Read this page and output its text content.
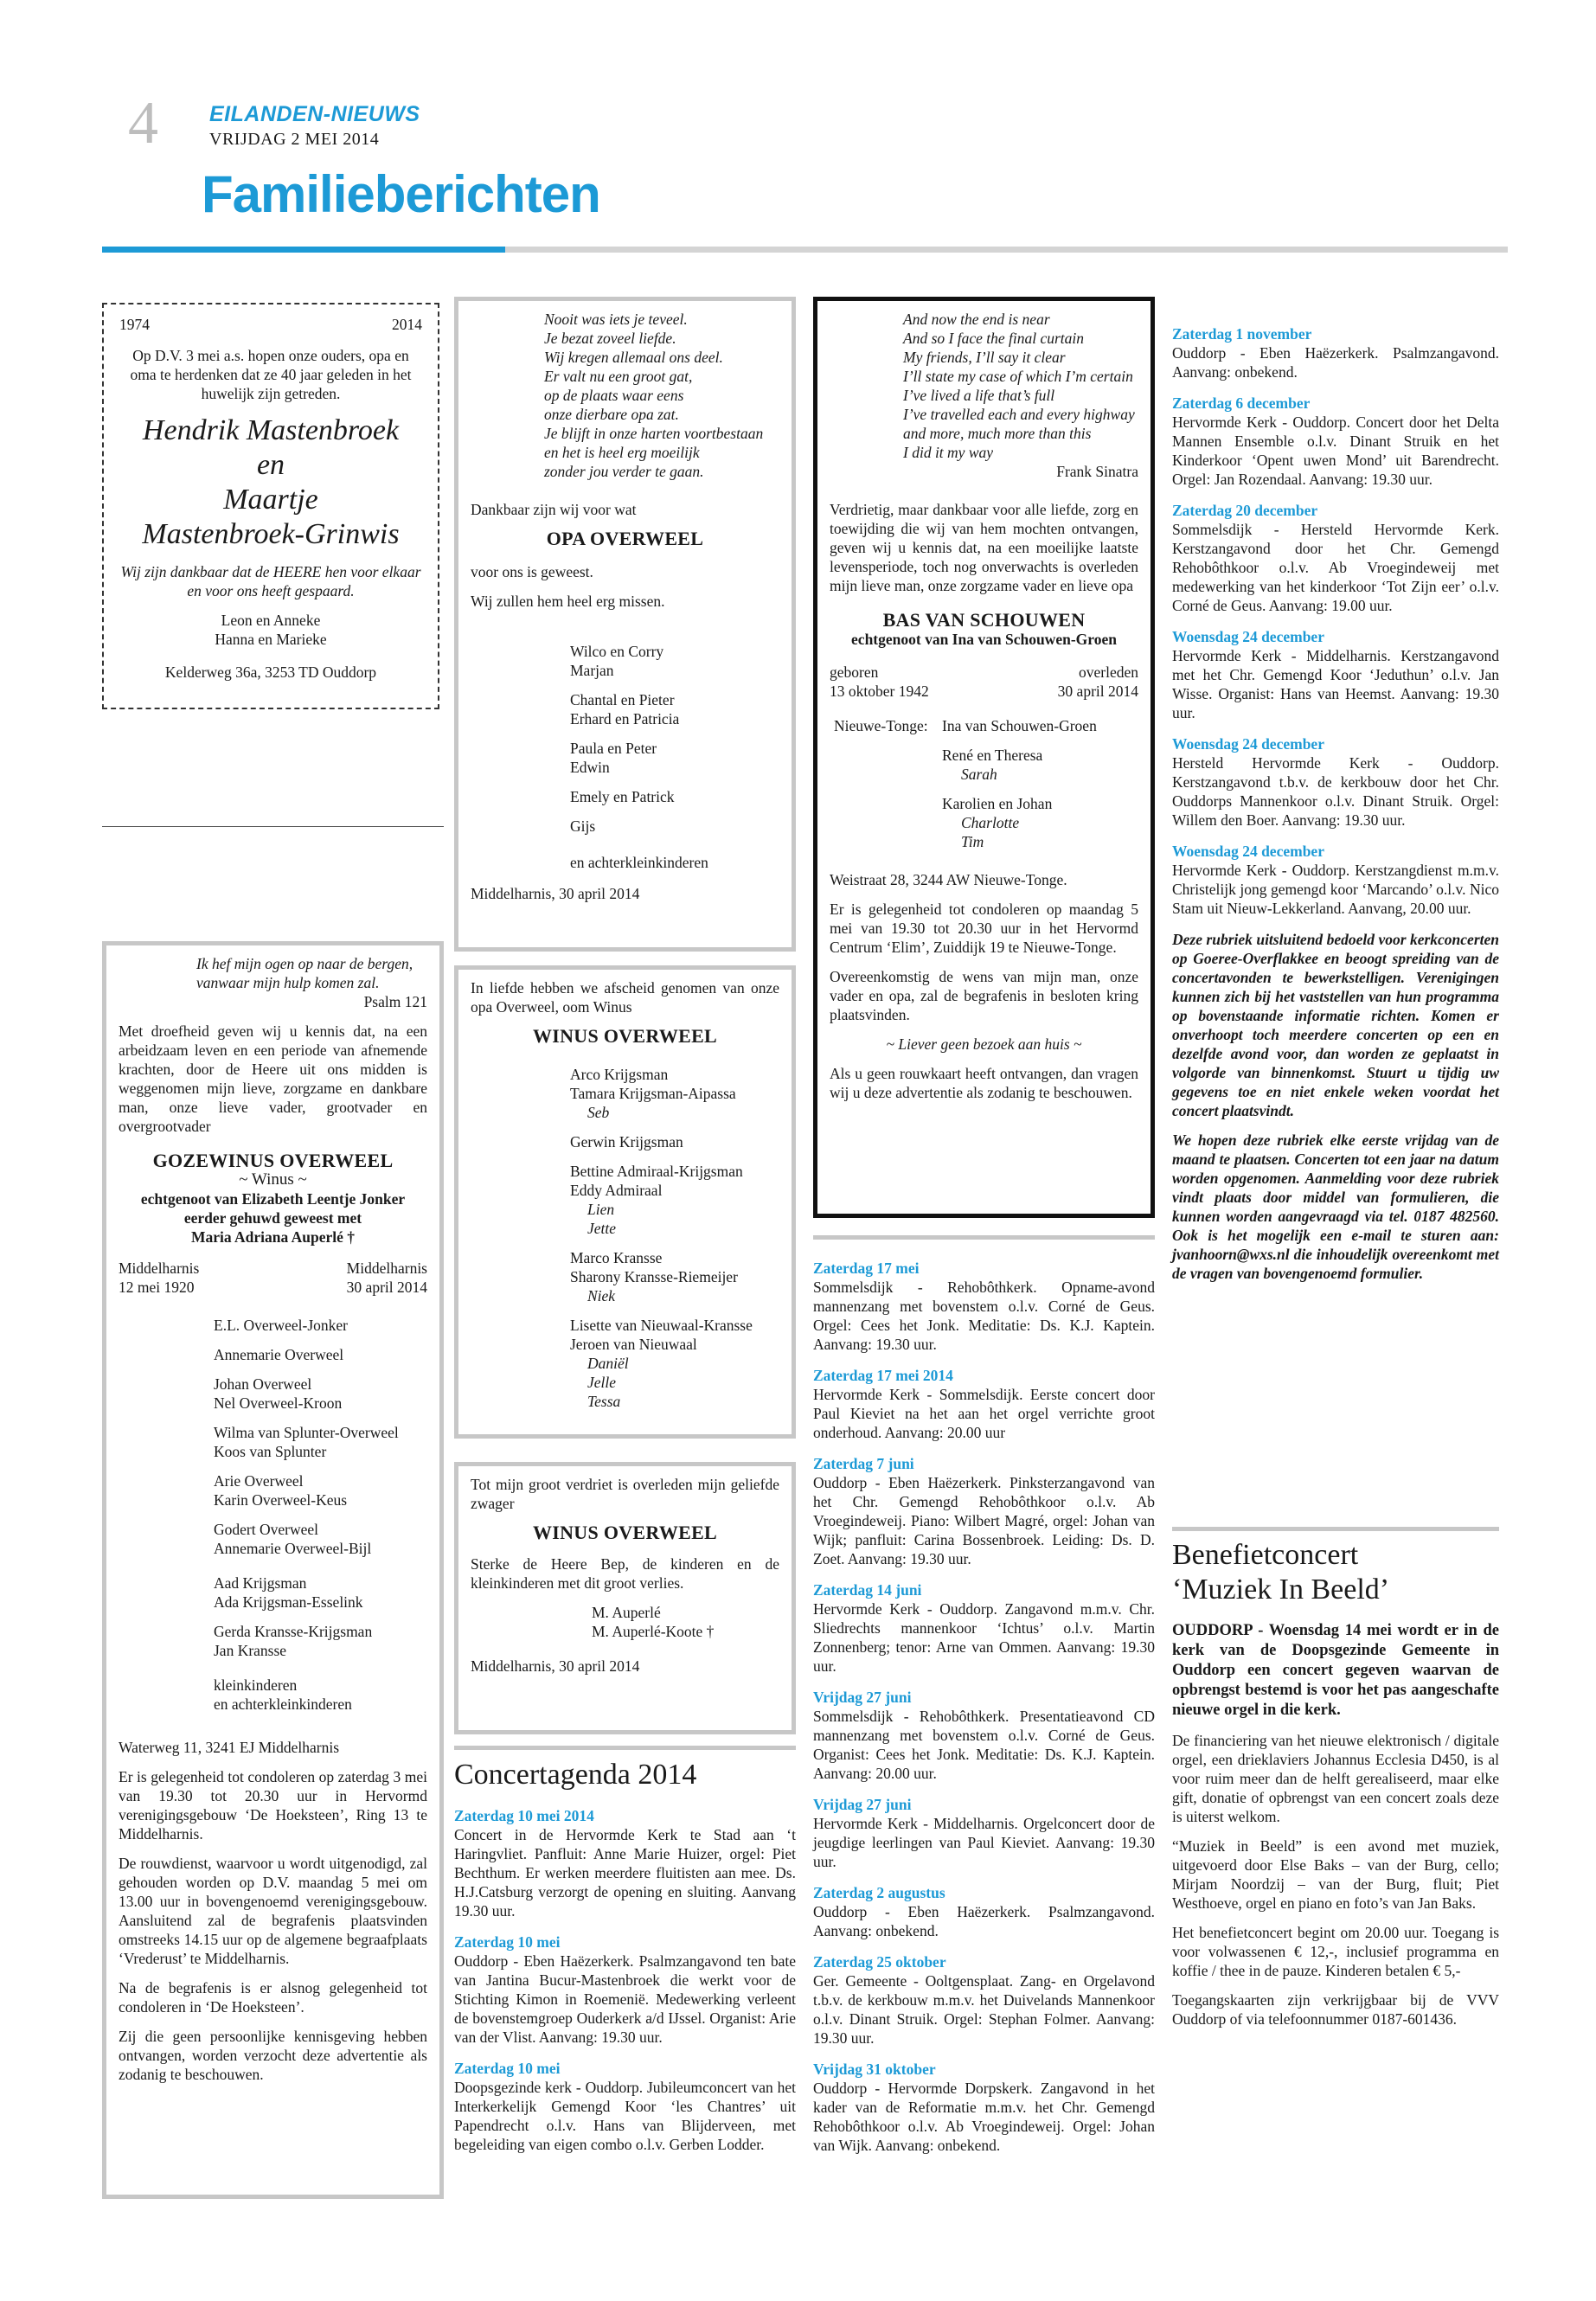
4 EILANDEN-NIEUWS
VRIJDAG 2 MEI 2014
Familieberichten
1974	2014

Op D.V. 3 mei a.s. hopen onze ouders, opa en oma te herdenken dat ze 40 jaar geleden in het huwelijk zijn getreden.

Hendrik Mastenbroek
en
Maartje
Mastenbroek-Grinwis

Wij zijn dankbaar dat de HEERE hen voor elkaar en voor ons heeft gespaard.

Leon en Anneke
Hanna en Marieke
Kelderweg 36a, 3253 TD Ouddorp
Ik hef mijn ogen op naar de bergen,
vanwaar mijn hulp komen zal.

Psalm 121

Met droefheid geven wij u kennis dat, na een arbeidzaam leven en een periode van afnemende krachten, door de Heere uit ons midden is weggenomen mijn lieve, zorgzame en dankbare man, onze lieve vader, grootvader en overgrootvader

GOZEWINUS OVERWEEL
~ Winus ~
echtgenoot van Elizabeth Leentje Jonker
eerder gehuwd geweest met
Maria Adriana Auperlé †
Middelharnis	Middelharnis
12 mei 1920	30 april 2014
E.L. Overweel-Jonker
Annemarie Overweel
Johan Overweel
Nel Overweel-Kroon
Wilma van Splunter-Overweel
Koos van Splunter
Arie Overweel
Karin Overweel-Keus
Godert Overweel
Annemarie Overweel-Bijl
Aad Krijgsman
Ada Krijgsman-Esselink
Gerda Kransse-Krijgsman
Jan Kransse
kleinkinderen
en achterkleinkinderen

Waterweg 11, 3241 EJ Middelharnis

Er is gelegenheid tot condoleren op zaterdag 3 mei van 19.30 tot 20.30 uur in Hervormd verenigingsgebouw ‘De Hoeksteen’, Ring 13 te Middelharnis.

De rouwdienst, waarvoor u wordt uitgenodigd, zal gehouden worden op D.V. maandag 5 mei om 13.00 uur in bovengenoemd verenigingsgebouw. Aansluitend zal de begrafenis plaatsvinden omstreeks 14.15 uur op de algemene begraafplaats ‘Vrederust’ te Middelharnis.

Na de begrafenis is er alsnog gelegenheid tot condoleren in ‘De Hoeksteen’.

Zij die geen persoonlijke kennisgeving hebben ontvangen, worden verzocht deze advertentie als zodanig te beschouwen.

Nooit was iets je teveel.
Je bezat zoveel liefde.
Wij kregen allemaal ons deel.
Er valt nu een groot gat,
op de plaats waar eens
onze dierbare opa zat.
Je blijft in onze harten voortbestaan
en het is heel erg moeilijk
zonder jou verder te gaan.

Dankbaar zijn wij voor wat

OPA OVERWEEL

voor ons is geweest.

Wij zullen hem heel erg missen.

Wilco en Corry
Marjan
Chantal en Pieter
Erhard en Patricia
Paula en Peter
Edwin
Emely en Patrick
Gijs
en achterkleinkinderen

Middelharnis, 30 april 2014

In liefde hebben we afscheid genomen van onze opa Overweel, oom Winus

WINUS OVERWEEL
Arco Krijgsman
Tamara Krijgsman-Aipassa
Seb
Gerwin Krijgsman
Bettine Admiraal-Krijgsman
Eddy Admiraal
Lien
Jette
Marco Kransse
Sharony Kransse-Riemeijer
Niek
Lisette van Nieuwaal-Kransse
Jeroen van Nieuwaal
Daniël
Jelle
Tessa

Tot mijn groot verdriet is overleden mijn geliefde zwager

WINUS OVERWEEL

Sterke de Heere Bep, de kinderen en de kleinkinderen met dit groot verlies.

M. Auperlé
M. Auperlé-Koote †
Middelharnis, 30 april 2014
And now the end is near
And so I face the final curtain
My friends, I’ll say it clear
I’ll state my case of which I’m certain
I’ve lived a life that’s full
I’ve travelled each and every highway
and more, much more than this
I did it my way

Frank Sinatra

Verdrietig, maar dankbaar voor alle liefde, zorg en toewijding die wij van hem mochten ontvangen, geven wij u kennis dat, na een moeilijke laatste levensperiode, toch nog onverwachts is overleden mijn lieve man, onze zorgzame vader en lieve opa

BAS VAN SCHOUWEN
echtgenoot van Ina van Schouwen-Groen
geboren	overleden
13 oktober 1942	30 april 2014
Nieuwe-Tonge: Ina van Schouwen-Groen
René en Theresa
Sarah
Karolien en Johan
Charlotte
Tim

Weistraat 28, 3244 AW Nieuwe-Tonge.

Er is gelegenheid tot condoleren op maandag 5 mei van 19.30 tot 20.30 uur in het Hervormd Centrum ‘Elim’, Zuiddijk 19 te Nieuwe-Tonge.

Overeenkomstig de wens van mijn man, onze vader en opa, zal de begrafenis in besloten kring plaatsvinden.

~ Liever geen bezoek aan huis ~

Als u geen rouwkaart heeft ontvangen, dan vragen wij u deze advertentie als zodanig te beschouwen.

Concertagenda 2014
Zaterdag 10 mei 2014
Concert in de Hervormde Kerk te Stad aan ‘t Haringvliet. Panfluit: Anne Marie Huizer, orgel: Piet Bechthum. Er werken meerdere fluitisten aan mee. Ds. H.J.Catsburg verzorgt de opening en sluiting. Aanvang 19.30 uur.
Zaterdag 10 mei
Ouddorp - Eben Haëzerkerk. Psalmzangavond ten bate van Jantina Bucur-Mastenbroek die werkt voor de Stichting Kimon in Roemenië. Medewerking verleent de bovenstemgroep Ouderkerk a/d IJssel. Organist: Arie van der Vlist. Aanvang: 19.30 uur.
Zaterdag 10 mei
Doopsgezinde kerk - Ouddorp. Jubileumconcert van het Interkerkelijk Gemengd Koor ‘les Chantres’ uit Papendrecht o.l.v. Hans van Blijderveen, met begeleiding van eigen combo o.l.v. Gerben Lodder.
Zaterdag 17 mei
Sommelsdijk - Rehobôthkerk. Opname-avond mannenzang met bovenstem o.l.v. Corné de Geus. Orgel: Cees het Jonk. Meditatie: Ds. K.J. Kaptein. Aanvang: 19.30 uur.
Zaterdag 17 mei 2014
Hervormde Kerk - Sommelsdijk. Eerste concert door Paul Kieviet na het aan het orgel verrichte groot onderhoud. Aanvang: 20.00 uur
Zaterdag 7 juni
Ouddorp - Eben Haëzerkerk. Pinksterzangavond van het Chr. Gemengd Rehobôthkoor o.l.v. Ab Vroegindeweij. Piano: Wilbert Magré, orgel: Johan van Wijk; panfluit: Carina Bossenbroek. Leiding: Ds. D. Zoet. Aanvang: 19.30 uur.
Zaterdag 14 juni
Hervormde Kerk - Ouddorp. Zangavond m.m.v. Chr. Sliedrechts mannenkoor ‘Ichtus’ o.l.v. Martin Zonnenberg; tenor: Arne van Ommen. Aanvang: 19.30 uur.
Vrijdag 27 juni
Sommelsdijk - Rehobôthkerk. Presentatieavond CD mannenzang met bovenstem o.l.v. Corné de Geus. Organist: Cees het Jonk. Meditatie: Ds. K.J. Kaptein. Aanvang: 20.00 uur.
Vrijdag 27 juni
Hervormde Kerk - Middelharnis. Orgelconcert door de jeugdige leerlingen van Paul Kieviet. Aanvang: 19.30 uur.
Zaterdag 2 augustus
Ouddorp - Eben Haëzerkerk. Psalmzangavond. Aanvang: onbekend.
Zaterdag 25 oktober
Ger. Gemeente - Ooltgensplaat. Zang- en Orgelavond t.b.v. de kerkbouw m.m.v. het Duivelands Mannenkoor o.l.v. Dinant Struik. Orgel: Stephan Folmer. Aanvang: 19.30 uur.
Vrijdag 31 oktober
Ouddorp - Hervormde Dorpskerk. Zangavond in het kader van de Reformatie m.m.v. het Chr. Gemengd Rehobôthkoor o.l.v. Ab Vroegindeweij. Orgel: Johan van Wijk. Aanvang: onbekend.
Zaterdag 1 november
Ouddorp - Eben Haëzerkerk. Psalmzangavond. Aanvang: onbekend.
Zaterdag 6 december
Hervormde Kerk - Ouddorp. Concert door het Delta Mannen Ensemble o.l.v. Dinant Struik en het Kinderkoor ‘Opent uwen Mond’ uit Barendrecht. Orgel: Jan Rozendaal. Aanvang: 19.30 uur.
Zaterdag 20 december
Sommelsdijk - Hersteld Hervormde Kerk. Kerstzangavond door het Chr. Gemengd Rehobôthkoor o.l.v. Ab Vroegindeweij met medewerking van het kinderkoor ‘Tot Zijn eer’ o.l.v. Corné de Geus. Aanvang: 19.00 uur.
Woensdag 24 december
Hervormde Kerk - Middelharnis. Kerstzangavond met het Chr. Gemengd Koor ‘Jeduthun’ o.l.v. Jan Wisse. Organist: Hans van Heemst. Aanvang: 19.30 uur.
Woensdag 24 december
Hersteld Hervormde Kerk - Ouddorp. Kerstzangavond t.b.v. de kerkbouw door het Chr. Ouddorps Mannenkoor o.l.v. Dinant Struik. Orgel: Willem den Boer. Aanvang: 19.30 uur.
Woensdag 24 december
Hervormde Kerk - Ouddorp. Kerstzangdienst m.m.v. Christelijk jong gemengd koor ‘Marcando’ o.l.v. Nico Stam uit Nieuw-Lekkerland. Aanvang, 20.00 uur.

Deze rubriek uitsluitend bedoeld voor kerkconcerten op Goeree-Overflakkee en beoogt spreiding van de concertavonden te bewerkstelligen. Verenigingen kunnen zich bij het vaststellen van hun programma op bovenstaande informatie richten. Komen er onverhoopt toch meerdere concerten op een en dezelfde avond voor, dan worden ze geplaatst in volgorde van binnenkomst. Stuurt u tijdig uw gegevens toe en niet enkele weken voordat het concert plaatsvindt.

We hopen deze rubriek elke eerste vrijdag van de maand te plaatsen. Concerten tot een jaar na datum worden opgenomen. Aanmelding voor deze rubriek vindt plaats door middel van formulieren, die kunnen worden aangevraagd via tel. 0187 482560. Ook is het mogelijk een e-mail te sturen aan: jvanhoorn@wxs.nl die inhoudelijk overeenkomt met de vragen van bovengenoemd formulier.

Benefietconcert
‘Muziek In Beeld’

OUDDORP - Woensdag 14 mei wordt er in de kerk van de Doopsgezinde Gemeente in Ouddorp een concert gegeven waarvan de opbrengst bestemd is voor het pas aangeschafte nieuwe orgel in die kerk.

De financiering van het nieuwe elektronisch / digitale orgel, een drieklaviers Johannus Ecclesia D450, is al voor ruim meer dan de helft gerealiseerd, maar elke gift, donatie of opbrengst van een concert zoals deze is uiterst welkom.

“Muziek in Beeld” is een avond met muziek, uitgevoerd door Else Baks – van der Burg, cello; Mirjam Noordzij – van der Burg, fluit; Piet Westhoeve, orgel en piano en foto’s van Jan Baks.

Het benefietconcert begint om 20.00 uur. Toegang is voor volwassenen € 12,-, inclusief programma en koffie / thee in de pauze. Kinderen betalen € 5,-

Toegangskaarten zijn verkrijgbaar bij de VVV Ouddorp of via telefoonnummer 0187-601436.
